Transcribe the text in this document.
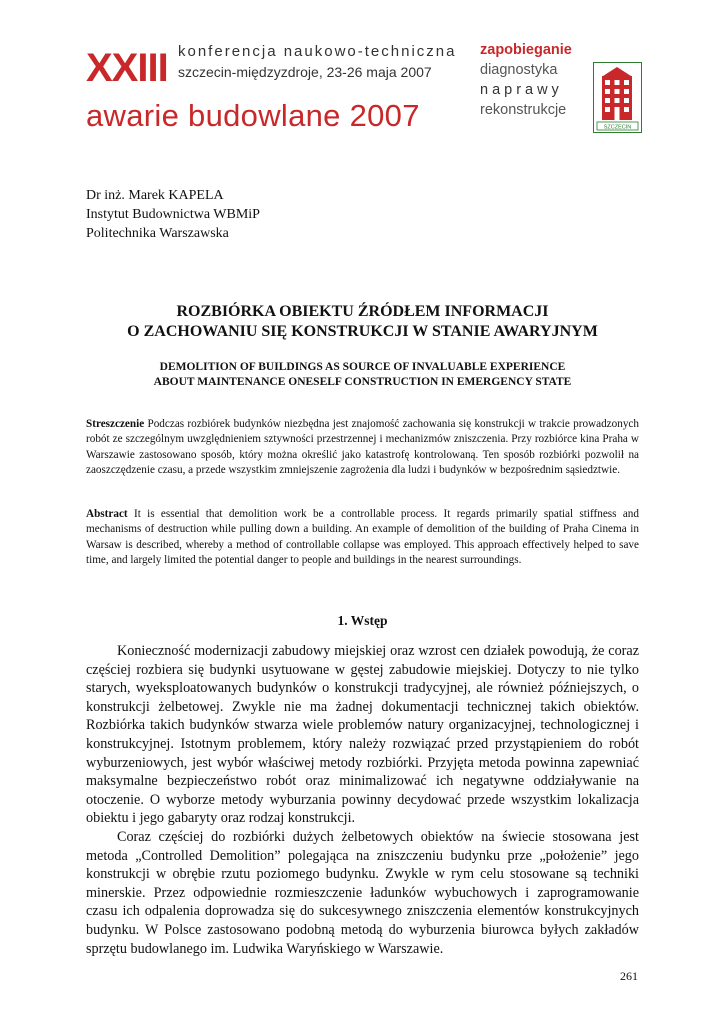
XXIII konferencja naukowo-techniczna
szczecin-międzyzdroje, 23-26 maja 2007
awarie budowlane 2007
zapobieganie
diagnostyka
naprawy
rekonstrukcje
SZCZECIN
Dr inż. Marek KAPELA
Instytut Budownictwa WBMiP
Politechnika Warszawska
ROZBIÓRKA OBIEKTU ŹRÓDŁEM INFORMACJI
O ZACHOWANIU SIĘ KONSTRUKCJI W STANIE AWARYJNYM
DEMOLITION OF BUILDINGS AS SOURCE OF INVALUABLE EXPERIENCE
ABOUT MAINTENANCE ONESELF CONSTRUCTION IN EMERGENCY STATE
Streszczenie Podczas rozbiórek budynków niezbędna jest znajomość zachowania się konstrukcji w trakcie prowadzonych robót ze szczególnym uwzględnieniem sztywności przestrzennej i mechanizmów zniszczenia. Przy rozbiórce kina Praha w Warszawie zastosowano sposób, który można określić jako katastrofę kontrolowaną. Ten sposób rozbiórki pozwolił na zaoszczędzenie czasu, a przede wszystkim zmniejszenie zagrożenia dla ludzi i budynków w bezpośrednim sąsiedztwie.
Abstract It is essential that demolition work be a controllable process. It regards primarily spatial stiffness and mechanisms of destruction while pulling down a building. An example of demolition of the building of Praha Cinema in Warsaw is described, whereby a method of controllable collapse was employed. This approach effectively helped to save time, and largely limited the potential danger to people and buildings in the nearest surroundings.
1. Wstęp

Konieczność modernizacji zabudowy miejskiej oraz wzrost cen działek powodują, że coraz częściej rozbiera się budynki usytuowane w gęstej zabudowie miejskiej. Dotyczy to nie tylko starych, wyeksploatowanych budynków o konstrukcji tradycyjnej, ale również późniejszych, o konstrukcji żelbetowej. Zwykle nie ma żadnej dokumentacji technicznej takich obiektów. Rozbiórka takich budynków stwarza wiele problemów natury organizacyjnej, technologicznej i konstrukcyjnej. Istotnym problemem, który należy rozwiązać przed przystąpieniem do robót wyburzeniowych, jest wybór właściwej metody rozbiórki. Przyjęta metoda powinna zapewniać maksymalne bezpieczeństwo robót oraz minimalizować ich negatywne oddziaływanie na otoczenie. O wyborze metody wyburzania powinny decydować przede wszystkim lokalizacja obiektu i jego gabaryty oraz rodzaj konstrukcji.

Coraz częściej do rozbiórki dużych żelbetowych obiektów na świecie stosowana jest metoda „Controlled Demolition” polegająca na zniszczeniu budynku prze „położenie” jego konstrukcji w obrębie rzutu poziomego budynku. Zwykle w rym celu stosowane są techniki minerskie. Przez odpowiednie rozmieszczenie ładunków wybuchowych i zaprogramowanie czasu ich odpalenia doprowadza się do sukcesywnego zniszczenia elementów konstrukcyjnych budynku. W Polsce zastosowano podobną metodą do wyburzenia biurowca byłych zakładów sprzętu budowlanego im. Ludwika Waryńskiego w Warszawie.

261
